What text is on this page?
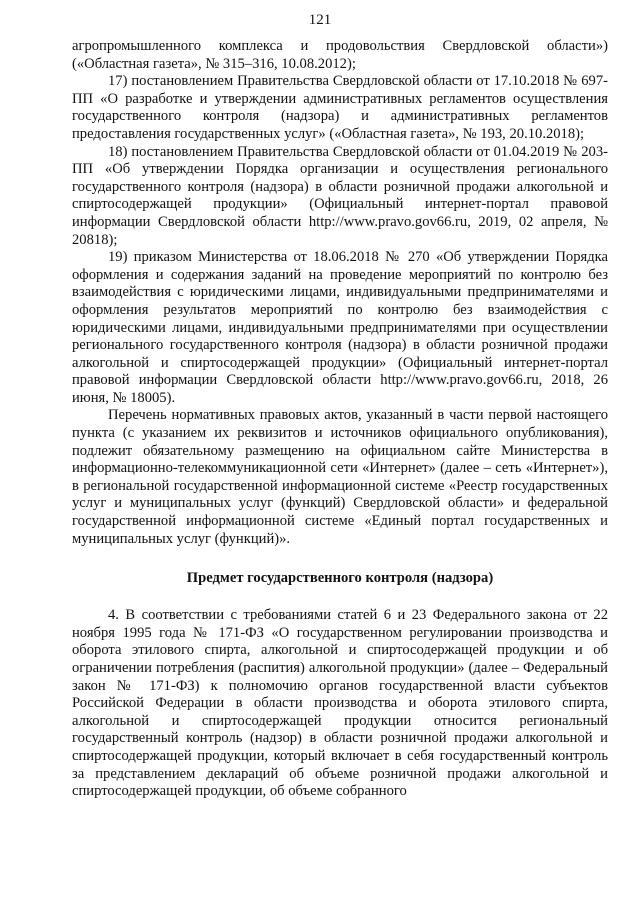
121

агропромышленного комплекса и продовольствия Свердловской области») («Областная газета», № 315–316, 10.08.2012);

17) постановлением Правительства Свердловской области от 17.10.2018 № 697-ПП «О разработке и утверждении административных регламентов осуществления государственного контроля (надзора) и административных регламентов предоставления государственных услуг» («Областная газета», № 193, 20.10.2018);

18) постановлением Правительства Свердловской области от 01.04.2019 № 203-ПП «Об утверждении Порядка организации и осуществления регионального государственного контроля (надзора) в области розничной продажи алкогольной и спиртосодержащей продукции» (Официальный интернет-портал правовой информации Свердловской области http://www.pravo.gov66.ru, 2019, 02 апреля, № 20818);

19) приказом Министерства от 18.06.2018 № 270 «Об утверждении Порядка оформления и содержания заданий на проведение мероприятий по контролю без взаимодействия с юридическими лицами, индивидуальными предпринимателями и оформления результатов мероприятий по контролю без взаимодействия с юридическими лицами, индивидуальными предпринимателями при осуществлении регионального государственного контроля (надзора) в области розничной продажи алкогольной и спиртосодержащей продукции» (Официальный интернет-портал правовой информации Свердловской области http://www.pravo.gov66.ru, 2018, 26 июня, № 18005).

Перечень нормативных правовых актов, указанный в части первой настоящего пункта (с указанием их реквизитов и источников официального опубликования), подлежит обязательному размещению на официальном сайте Министерства в информационно-телекоммуникационной сети «Интернет» (далее – сеть «Интернет»), в региональной государственной информационной системе «Реестр государственных услуг и муниципальных услуг (функций) Свердловской области» и федеральной государственной информационной системе «Единый портал государственных и муниципальных услуг (функций)».

Предмет государственного контроля (надзора)

4. В соответствии с требованиями статей 6 и 23 Федерального закона от 22 ноября 1995 года № 171-ФЗ «О государственном регулировании производства и оборота этилового спирта, алкогольной и спиртосодержащей продукции и об ограничении потребления (распития) алкогольной продукции» (далее – Федеральный закон № 171-ФЗ) к полномочию органов государственной власти субъектов Российской Федерации в области производства и оборота этилового спирта, алкогольной и спиртосодержащей продукции относится региональный государственный контроль (надзор) в области розничной продажи алкогольной и спиртосодержащей продукции, который включает в себя государственный контроль за представлением деклараций об объеме розничной продажи алкогольной и спиртосодержащей продукции, об объеме собранного
